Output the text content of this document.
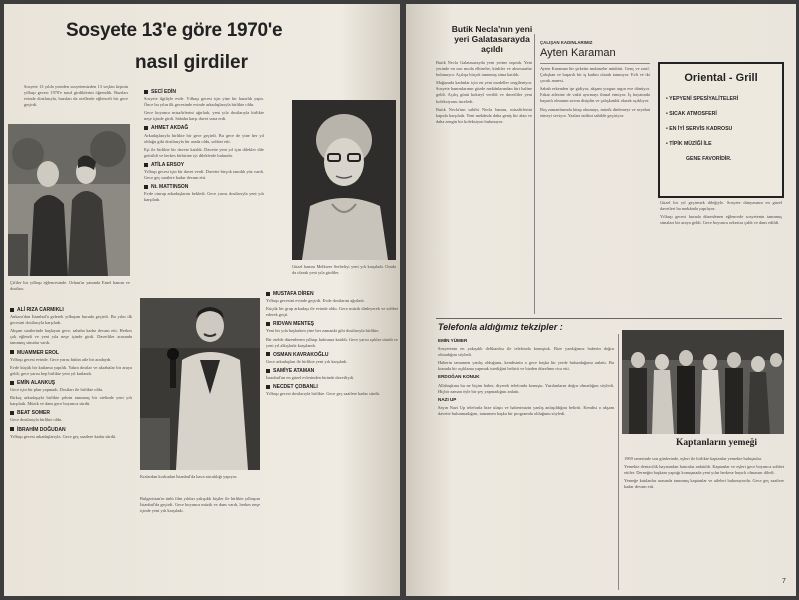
Sosyete 13'e göre 1970'e
nasıl girdiler
Sosyete 13 yılda yeniden sosyetemizden 13 seçkin kişinin yılbaşı gecesi 1970'e nasıl girdiklerini öğrendik. Bazıları evinde dostlarıyla, bazıları da otellerde eğlenceli bir gece geçirdi.
Çiftler bir yılbaşı eğlencesinde. Orhan'ın yanında Emel hanım ve dostları.
ALİ RIZA CARMIKLI

Ankara'dan İstanbul'a gelerek yılbaşını burada geçirdi. Bu yılın ilk gecesini dostlarıyla karşıladı.

Akşam saatlerinde başlayan gece, sabaha kadar devam etti. Herkes çok eğlendi ve yeni yıla neşe içinde girdi. Davetliler arasında tanınmış simalar vardı.

MUAMMER EROL

Yılbaşı gecesi evinde. Gece yarısı bütün aile bir aradaydı.

Evde küçük bir kutlama yapıldı. Yakın dostlar ve akrabalar bir araya geldi, gece yarısı hep birlikte yeni yıl kutlandı.

EMİN ALANKUŞ

Gece için bir plan yapmadı. Dostları ile birlikte oldu.

Birkaç arkadaşıyla birlikte şehrin tanınmış bir otelinde yeni yılı karşıladı. Müzik ve dans gece boyunca sürdü.

BEAT SOMER

Gece dostlarıyla birlikte oldu.

İBRAHİM DOĞUDAN

Yılbaşı gecesi arkadaşlarıyla. Gece geç saatlere kadar sürdü.

SECİ EDİN

Sosyete ilgiliyle evde. Yılbaşı gecesi için yine bir hazırlık yaptı. Önce bu yılın ilk gecesinde evinde arkadaşlarıyla birlikte oldu.

Gece boyunca misafirlerini ağırladı, yeni yıla dostlarıyla birlikte neşe içinde girdi. Sabaha karşı davet sona erdi.

AHMET AKDAĞ

Arkadaşlarıyla birlikte bir gece geçirdi. Bu gece de yine her yıl olduğu gibi dostlarıyla bir arada oldu, sohbet etti.

Eşi ile birlikte bir davete katıldı. Davette yeni yıl için dilekler dile getirildi ve herkes birbirine iyi dileklerde bulundu.

ATİLA ERSOY

Yılbaşı gecesi için bir davet verdi. Davette birçok tanıdık yüz vardı. Gece geç saatlere kadar devam etti.

Nt. MATTINSON

Evde oturup arkadaşlarını bekledi. Gece yarısı dostlarıyla yeni yılı karşıladı.

Güzel hanım Melkizer Serbeliyi yeni yılı karşıladı. Orada da olarak yeni yıla girdiler.
MUSTAFA DİREN

Yılbaşı gecesini evinde geçirdi. Evde dostlarını ağırladı.

Küçük bir grup arkadaşı ile evinde oldu. Gece müzik dinleyerek ve sohbet ederek geçti.

RIDVAN MENTEŞ

Yeni bir yıla başlarken yine her zamanki gibi dostlarıyla birlikte.

Bir otelde düzenlenen yılbaşı balosuna katıldı. Gece yarısı ışıklar söndü ve yeni yıl alkışlarla karşılandı.

OSMAN KAVRAKOĞLU

Gece arkadaşları ile birlikte yeni yılı karşıladı.

SAMİYE ATAMAN

İstanbul'un en güzel evlerinden birinde davetliydi.

NECDET ÇOBANLI

Yılbaşı gecesi dostlarıyla birlikte. Gece geç saatlere kadar sürdü.

Kızlardan korkudan İstanbul'da hava atıcaklığı yapıyor.

Bulgaristan'ın ünlü film yıldızı yakışıklı kişiler ile birlikte yılbaşını İstanbul'da geçirdi. Gece boyunca müzik ve dans vardı, herkes neşe içinde yeni yılı karşıladı.

Butik Necla'nın yeni yeri Galatasarayda açıldı

Butik Necla Galatasarayda yeni yerine taşındı. Yeni yerinde en son moda elbiseler, kürkler ve aksesuarlar bulunuyor. Açılışa birçok tanınmış sima katıldı.

Mağazada kadınlar için en yeni modeller sergileniyor. Sosyete hanımlarının gözde mekânlarından biri haline geldi. Açılış günü kokteyl verildi ve davetliler yeni koleksiyonu inceledi.

Butik Necla'nın sahibi Necla hanım, misafirlerini kapıda karşıladı. Yeni mekânda daha geniş bir alan ve daha zengin bir koleksiyon bulunuyor.

ÇALIŞAN KADINLARIMIZ
Ayten Karaman

Ayten Karaman bir şirketin muhasebe müdürü. Genç ve zarif. Çalışkan ve başarılı bir iş kadını olarak tanınıyor. Evli ve iki çocuk annesi.

Sabah erkenden işe gidiyor, akşam yorgun argın eve dönüyor. Fakat ailesine de vakit ayırmayı ihmal etmiyor. İş hayatında başarılı olmanın sırrını disiplin ve çalışkanlık olarak açıklıyor.

Boş zamanlarında kitap okumayı, müzik dinlemeyi ve seyahat etmeyi seviyor. Yazları tatilini sahilde geçiriyor.

Oriental - Grill
• YEPYENİ SPESİYALİTELERİ
• SICAK ATMOSFERİ
• EN İYİ SERVİS KADROSU
• TİPİK MÜZİĞİ İLE
GENE FAVORİDİR.

Güzel bir yıl geçirmek dileğiyle. Sosyete dünyasının en güzel davetleri bu mekânda yapılıyor.

Yılbaşı gecesi burada düzenlenen eğlencede sosyetenin tanınmış simaları bir araya geldi. Gece boyunca orkestra çaldı ve dans edildi.

Telefonla aldığımız tekzipler :
EMİN YÜMER

Sosyetenin en yakışıklı delikanlısı ile telefonda konuştuk. Bize yazdığımız haberin doğru olmadığını söyledi.

Haberin tamamen yanlış olduğunu, kendisinin o gece başka bir yerde bulunduğunu anlattı. Bu konuda bir açıklama yapmak istediğini belirtti ve bizden düzeltme rica etti.

ERDOĞAN KONUK

Allahaşkına bu ne biçim haber, diyerek telefonda konuştu. Yazılanların doğru olmadığını söyledi. Hiçbir zaman öyle bir şey yapmadığını anlattı.

NAZI UP

Sayın Nazi Up telefonla bize ulaştı ve haberimizin yanlış anlaşıldığını belirtti. Kendisi o akşam davette bulunmadığını, tamamen başka bir programda olduğunu söyledi.

Kaptanların yemeği

1969 senesinde son günlerinde, eşleri ile birlikte kaptanlar yemekte buluştular.

Yemekte denizcilik hayatından hatıralar anlatıldı. Kaptanlar ve eşleri gece boyunca sohbet ettiler. Derneğin başkanı yaptığı konuşmada yeni yılın herkese hayırlı olmasını diledi.

Yemeğe katılanlar arasında tanınmış kaptanlar ve aileleri bulunuyordu. Gece geç saatlere kadar devam etti.

7
